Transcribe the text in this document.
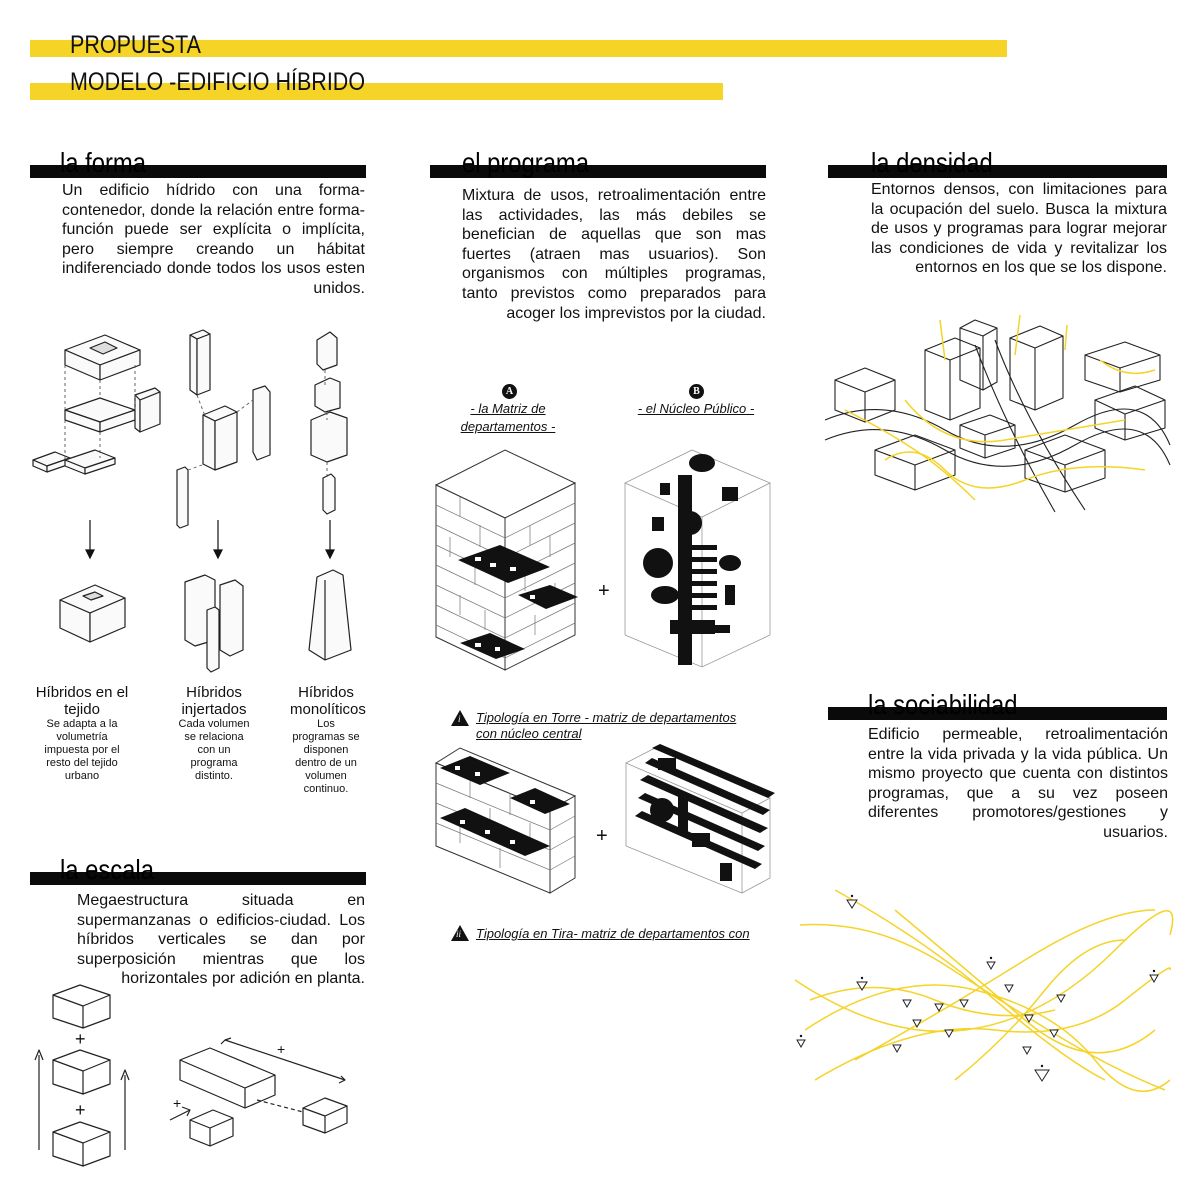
PROPUESTA
MODELO -EDIFICIO HÍBRIDO
la forma
Un edificio hídrido con una forma-contenedor, donde la relación entre forma-función puede ser explícita o implícita, pero siempre creando un hábitat indiferenciado donde todos los usos esten unidos.
el programa
Mixtura de usos, retroalimentación entre las actividades, las más debiles se benefician de aquellas que son mas fuertes (atraen mas usuarios). Son organismos con múltiples programas, tanto previstos como preparados para acoger los imprevistos por la ciudad.
la densidad
Entornos densos, con limitaciones para la ocupación del suelo. Busca la mixtura de usos y programas para lograr mejorar las condiciones de vida y revitalizar los entornos en los que se los dispone.
la escala
Megaestructura situada en supermanzanas o edificios-ciudad. Los híbridos verticales se dan por superposición mientras que los horizontales por adición en planta.
la sociabilidad
Edificio permeable, retroalimentación entre la vida privada y la vida pública. Un mismo proyecto que cuenta con distintos programas, que a su vez poseen diferentes promotores/gestiones y usuarios.
Híbridos en el tejido
Se adapta a la volumetría impuesta por el resto del tejido urbano
Híbridos injertados
Cada volumen se relaciona con un programa distinto.
Híbridos monolíticos
Los programas se disponen dentro de un volumen continuo.
A	B
- la Matriz de departamentos -
- el Núcleo Público -
+
i Tipología en Torre - matriz de departamentos
con núcleo central
+
ii Tipología en Tira- matriz de departamentos con
+
+
+
+
